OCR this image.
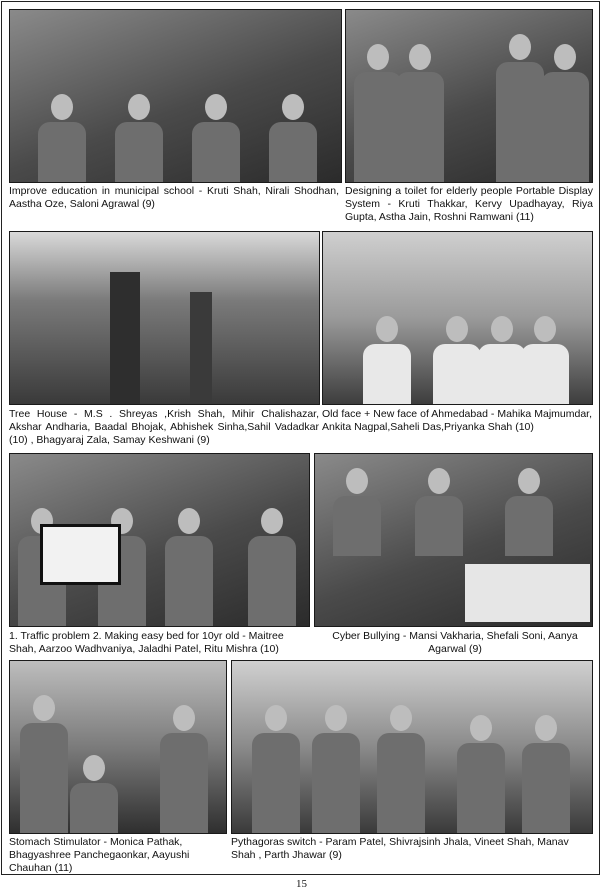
Improve education in municipal school - Kruti Shah, Nirali Shodhan, Aastha Oze, Saloni Agrawal (9)
Designing a toilet for elderly people Portable Display System - Kruti Thakkar, Kervy Upadhayay, Riya Gupta, Astha Jain, Roshni Ramwani (11)
Tree House - M.S . Shreyas ,Krish Shah, Mihir Chalishazar, Akshar Andharia, Baadal Bhojak, Abhishek Sinha,Sahil Vadadkar (10) , Bhagyaraj Zala, Samay Keshwani (9)
Old face + New face of Ahmedabad - Mahika Majmumdar, Ankita Nagpal,Saheli Das,Priyanka Shah (10)
1. Traffic problem 2. Making easy bed for 10yr old - Maitree Shah, Aarzoo Wadhvaniya, Jaladhi Patel, Ritu Mishra (10)
Cyber Bullying - Mansi Vakharia, Shefali Soni, Aanya Agarwal (9)
Stomach Stimulator - Monica Pathak, Bhagyashree Panchegaonkar, Aayushi Chauhan (11)
Pythagoras switch - Param Patel, Shivrajsinh Jhala, Vineet Shah, Manav Shah , Parth Jhawar (9)
15
